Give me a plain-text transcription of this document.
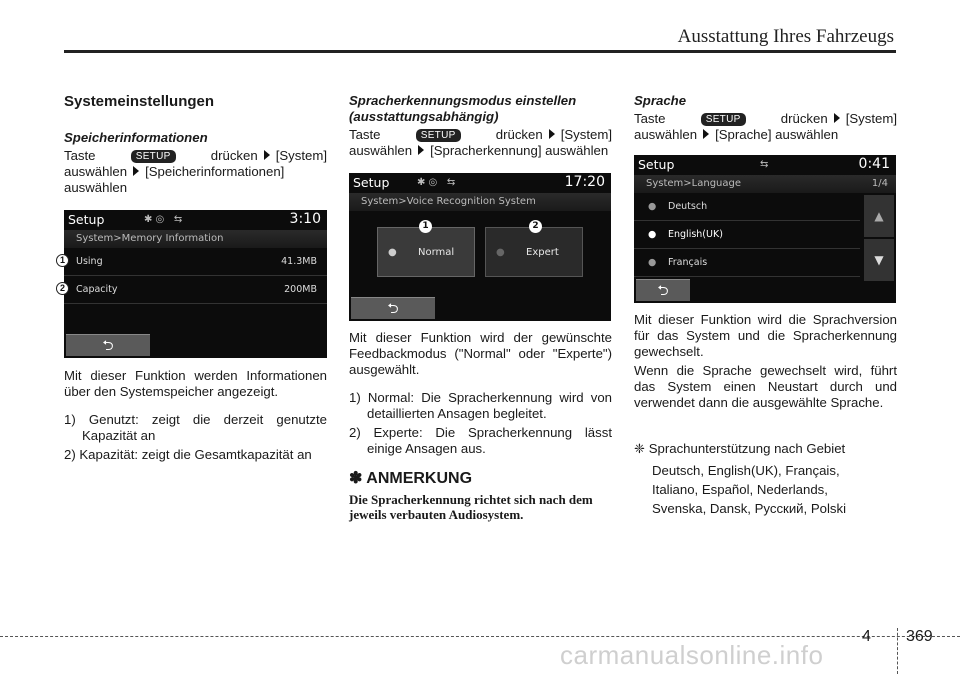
Ausstattung Ihres Fahrzeugs
Systemeinstellungen
Speicherinformationen
Taste	SETUP	drücken [System] auswählen [Speicherinformationen] auswählen
Setup	✱ ◎   ⇆	3:10
System>Memory Information
Using	41.3MB
Capacity	200MB
⮌
1
2
Mit dieser Funktion werden Informationen über den Systemspeicher angezeigt.
1) Genutzt: zeigt die derzeit genutzte Kapazität an
2) Kapazität: zeigt die Gesamtkapazität an
Spracherkennungsmodus einstellen
(ausstattungsabhängig)
Taste	SETUP	drücken [System] auswählen [Spracherkennung] auswählen
Setup	✱ ◎   ⇆	17:20
System>Voice Recognition System
● Normal	● Expert
1	2
⮌
Mit dieser Funktion wird der gewünschte Feedbackmodus ("Normal" oder "Experte") ausgewählt.
1) Normal: Die Spracherkennung wird von detaillierten Ansagen begleitet.
2) Experte: Die Spracherkennung lässt einige Ansagen aus.
✽ ANMERKUNG
Die Spracherkennung richtet sich nach dem jeweils verbauten Audiosystem.
Sprache
Taste	SETUP	drücken [System] auswählen [Sprache] auswählen
Setup	⇆	0:41
System>Language	1/4
● Deutsch
● English(UK)
● Français
▲
▼
⮌
Mit dieser Funktion wird die Sprachversion für das System und die Spracherkennung gewechselt.
Wenn die Sprache gewechselt wird, führt das System einen Neustart durch und verwendet dann die ausgewählte Sprache.
❈ Sprachunterstützung nach Gebiet
Deutsch, English(UK), Français,
Italiano, Español, Nederlands,
Svenska, Dansk, Русский, Polski
4 369
carmanualsonline.info
